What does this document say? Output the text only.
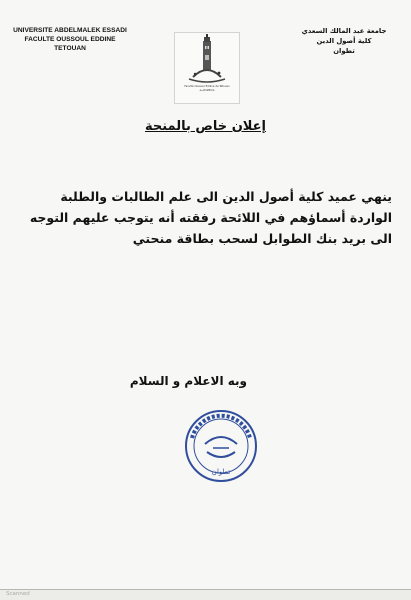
UNIVERSITE ABDELMALEK ESSADI
FACULTE OUSSOUL EDDINE
TETOUAN
جامعة عبد المالك السعدي
كلية أصول الدين
تطوان
Faculté Oussoul Eddine de Tétouan
ⵜⴰⵙⴷⵍⵉⵙⵜ
إعلان خاص بالمنحة
ينهي عميد كلية أصول الدين الى علم الطالبات والطلبة الواردة أسماؤهم في اللائحة رفقته أنه يتوجب عليهم التوجه الى بريد بنك الطوابل لسحب بطاقة منحتي
وبه الاعلام و السلام
تطوان
Scanned
